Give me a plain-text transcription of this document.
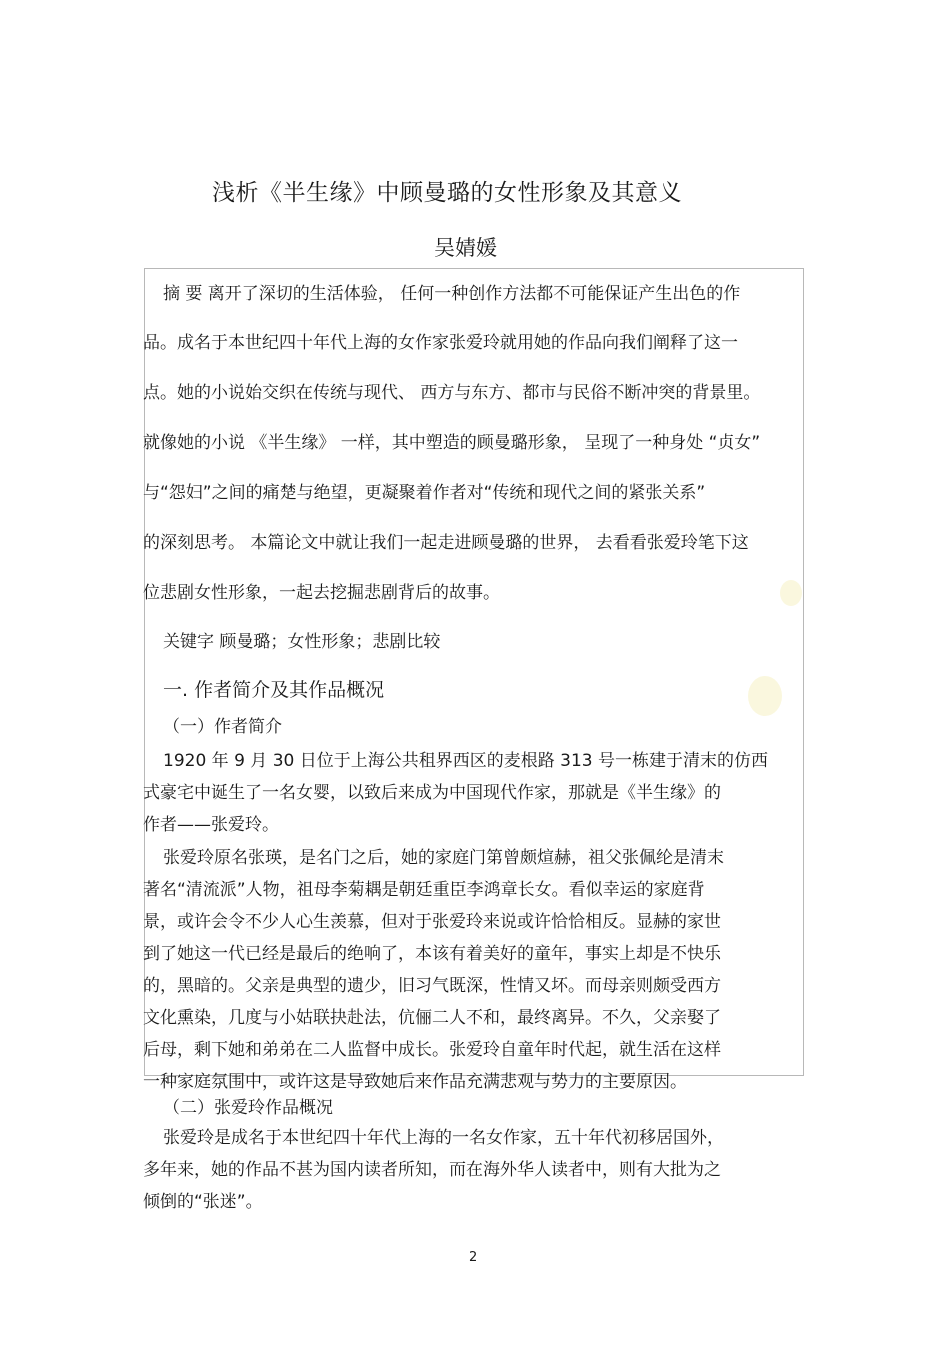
浅析《半生缘》中顾曼璐的女性形象及其意义
吴婧媛
摘 要 离开了深切的生活体验， 任何一种创作方法都不可能保证产生出色的作
品。成名于本世纪四十年代上海的女作家张爱玲就用她的作品向我们阐释了这一
点。她的小说始交织在传统与现代、 西方与东方、都市与民俗不断冲突的背景里。
就像她的小说 《半生缘》 一样，其中塑造的顾曼璐形象， 呈现了一种身处 “贞女”
与“怨妇”之间的痛楚与绝望，更凝聚着作者对“传统和现代之间的紧张关系”
的深刻思考。 本篇论文中就让我们一起走进顾曼璐的世界， 去看看张爱玲笔下这
位悲剧女性形象，一起去挖掘悲剧背后的故事。
关键字 顾曼璐；女性形象；悲剧比较
一. 作者简介及其作品概况
（一）作者简介
1920 年 9 月 30 日位于上海公共租界西区的麦根路 313 号一栋建于清末的仿西
式豪宅中诞生了一名女婴，以致后来成为中国现代作家，那就是《半生缘》的
作者——张爱玲。
张爱玲原名张瑛，是名门之后，她的家庭门第曾颇煊赫，祖父张佩纶是清末
著名“清流派”人物，祖母李菊耦是朝廷重臣李鸿章长女。看似幸运的家庭背
景，或许会令不少人心生羡慕，但对于张爱玲来说或许恰恰相反。显赫的家世
到了她这一代已经是最后的绝响了，本该有着美好的童年，事实上却是不快乐
的，黑暗的。父亲是典型的遗少，旧习气既深，性情又坏。而母亲则颇受西方
文化熏染，几度与小姑联抉赴法，伉俪二人不和，最终离异。不久，父亲娶了
后母，剩下她和弟弟在二人监督中成长。张爱玲自童年时代起，就生活在这样
一种家庭氛围中，或许这是导致她后来作品充满悲观与势力的主要原因。
（二）张爱玲作品概况
张爱玲是成名于本世纪四十年代上海的一名女作家，五十年代初移居国外，
多年来，她的作品不甚为国内读者所知，而在海外华人读者中，则有大批为之
倾倒的“张迷”。
2
